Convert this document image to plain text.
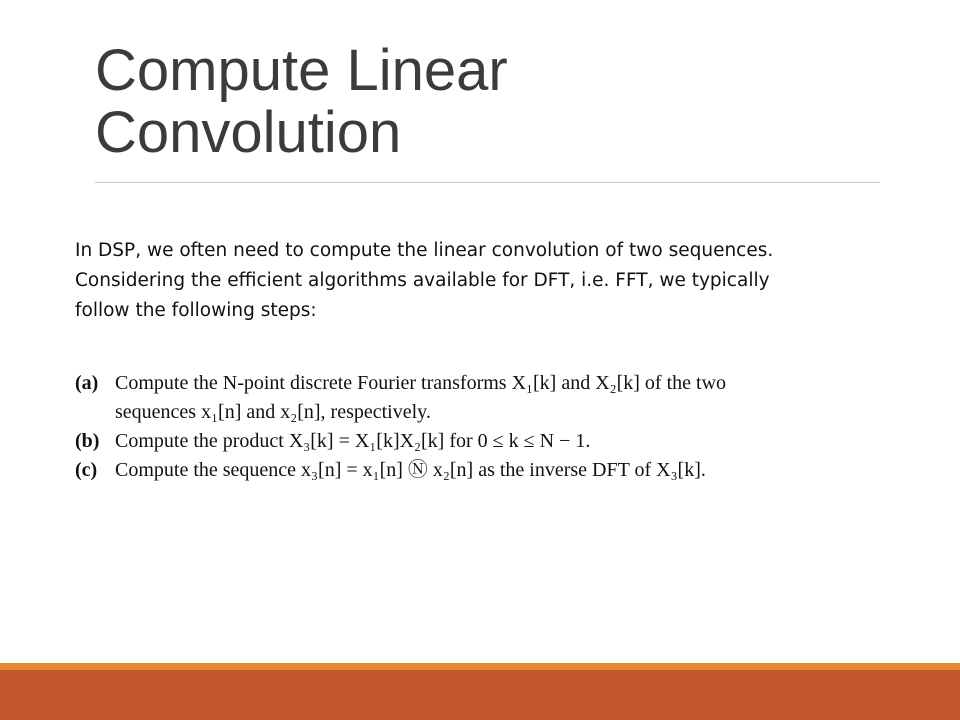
Compute Linear
Convolution
In DSP, we often need to compute the linear convolution of two sequences.
Considering the efficient algorithms available for DFT, i.e. FFT, we typically
follow the following steps:
(a) Compute the N-point discrete Fourier transforms X₁[k] and X₂[k] of the two
sequences x₁[n] and x₂[n], respectively.
(b) Compute the product X₃[k] = X₁[k]X₂[k] for 0 ≤ k ≤ N − 1.
(c) Compute the sequence x₃[n] = x₁[n] Ⓝ x₂[n] as the inverse DFT of X₃[k].
